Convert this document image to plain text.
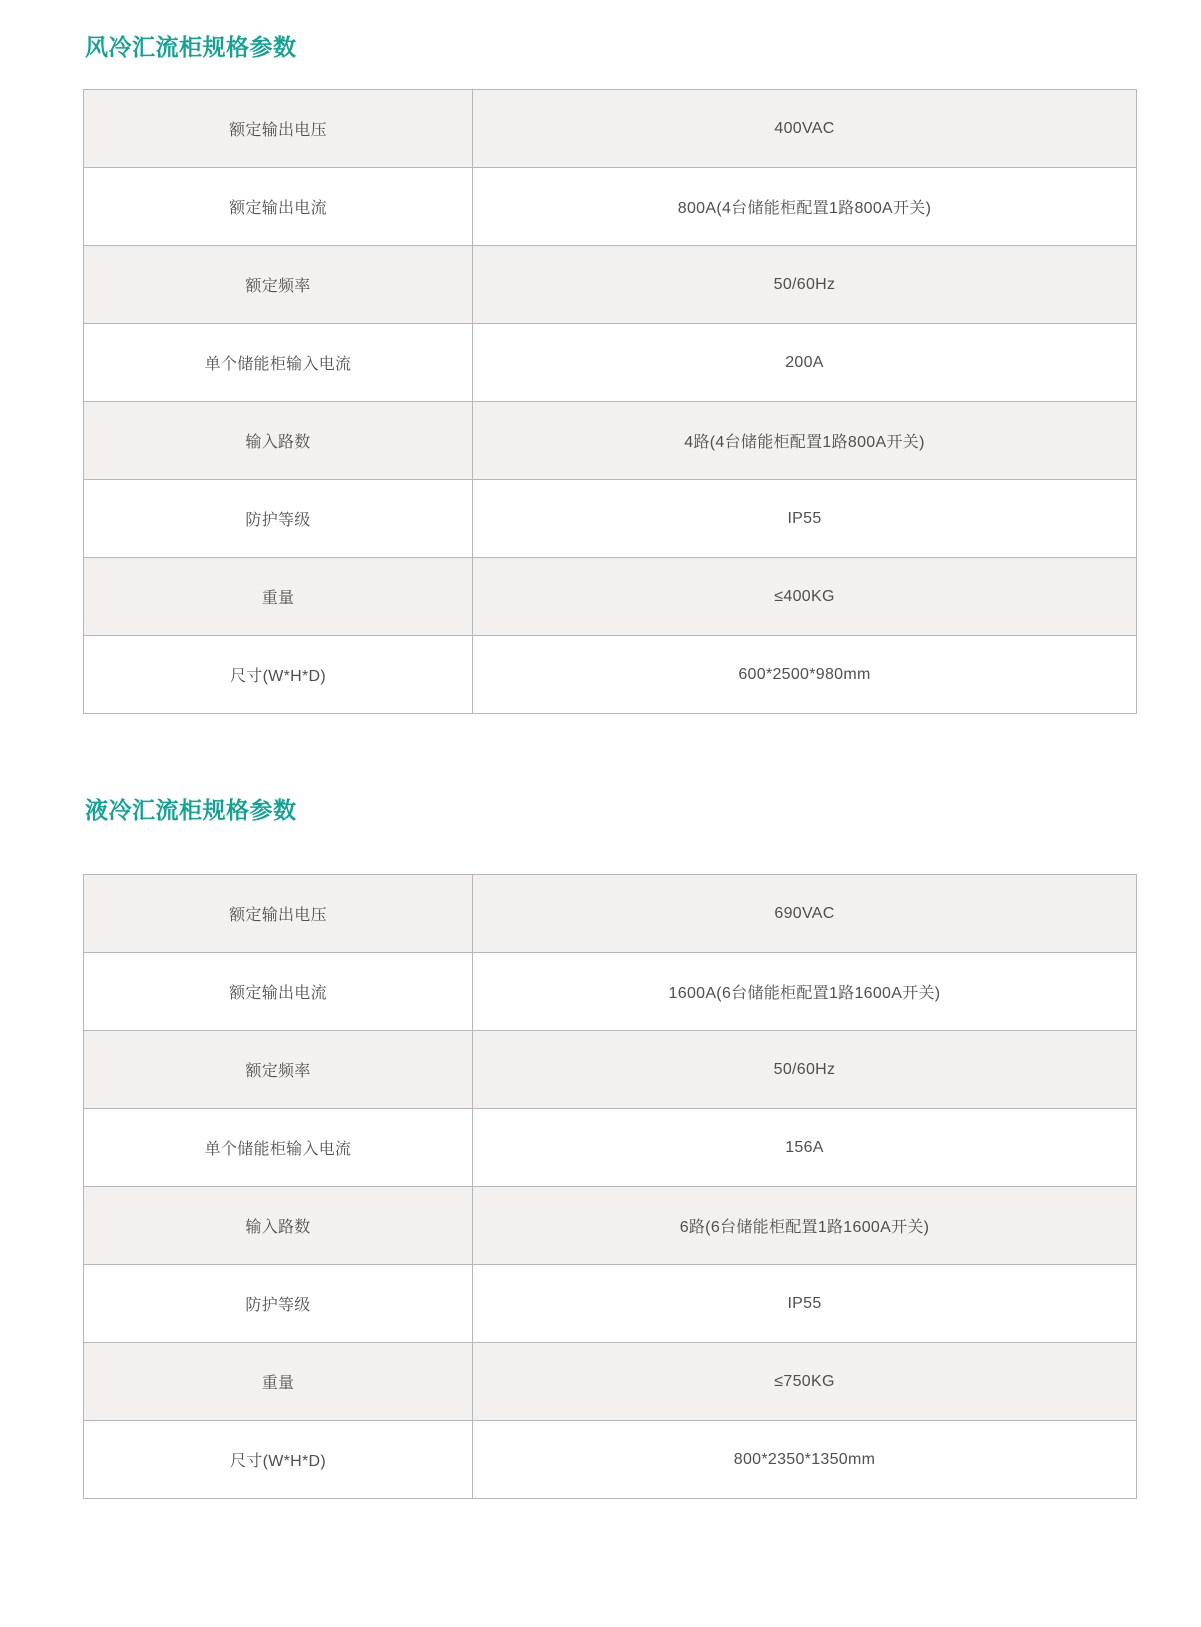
风冷汇流柜规格参数
额定输出电压	400VAC
额定输出电流	800A(4台储能柜配置1路800A开关)
额定频率	50/60Hz
单个储能柜输入电流	200A
输入路数	4路(4台储能柜配置1路800A开关)
防护等级	IP55
重量	≤400KG
尺寸(W*H*D)	600*2500*980mm
液冷汇流柜规格参数
额定输出电压	690VAC
额定输出电流	1600A(6台储能柜配置1路1600A开关)
额定频率	50/60Hz
单个储能柜输入电流	156A
输入路数	6路(6台储能柜配置1路1600A开关)
防护等级	IP55
重量	≤750KG
尺寸(W*H*D)	800*2350*1350mm
